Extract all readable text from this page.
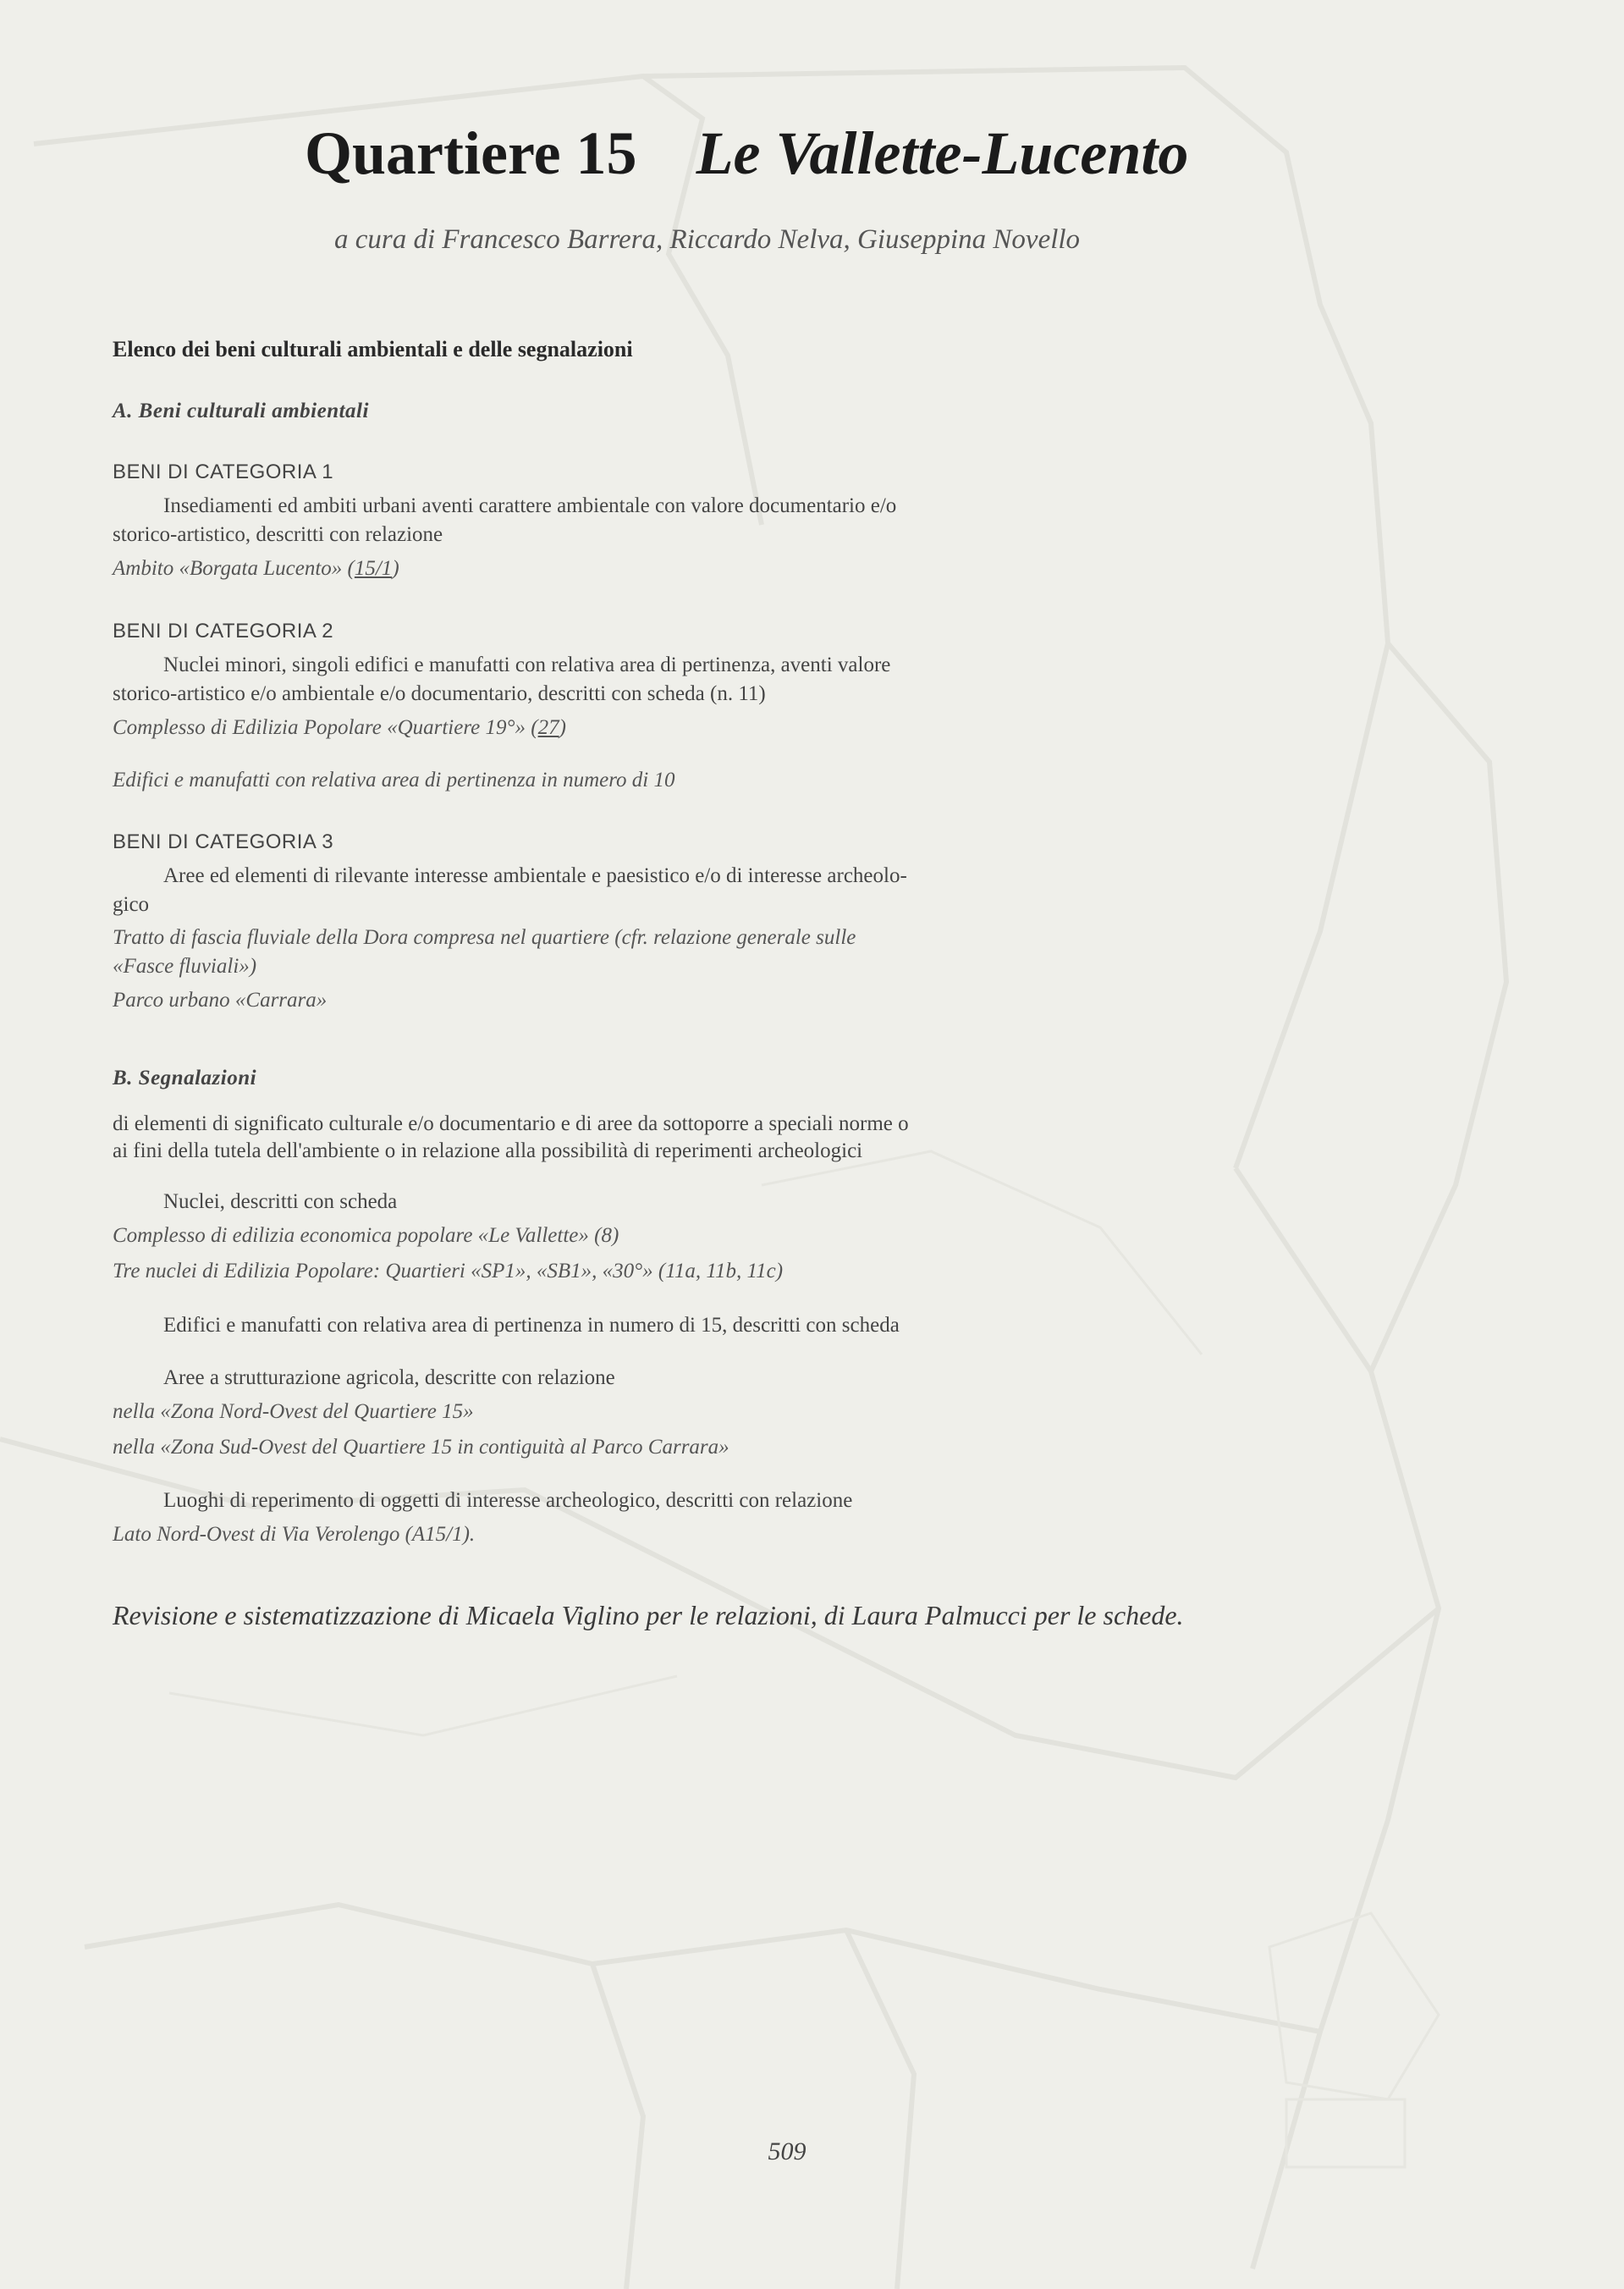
Quartiere 15 Le Vallette-Lucento
a cura di Francesco Barrera, Riccardo Nelva, Giuseppina Novello
Elenco dei beni culturali ambientali e delle segnalazioni
A. Beni culturali ambientali
BENI DI CATEGORIA 1
Insediamenti ed ambiti urbani aventi carattere ambientale con valore documentario e/o
storico-artistico, descritti con relazione
Ambito «Borgata Lucento» (15/1)
BENI DI CATEGORIA 2
Nuclei minori, singoli edifici e manufatti con relativa area di pertinenza, aventi valore
storico-artistico e/o ambientale e/o documentario, descritti con scheda (n. 11)
Complesso di Edilizia Popolare «Quartiere 19°» (27)
Edifici e manufatti con relativa area di pertinenza in numero di 10
BENI DI CATEGORIA 3
Aree ed elementi di rilevante interesse ambientale e paesistico e/o di interesse archeolo-
gico
Tratto di fascia fluviale della Dora compresa nel quartiere (cfr. relazione generale sulle
«Fasce fluviali»)
Parco urbano «Carrara»
B. Segnalazioni
di elementi di significato culturale e/o documentario e di aree da sottoporre a speciali norme o
ai fini della tutela dell'ambiente o in relazione alla possibilità di reperimenti archeologici
Nuclei, descritti con scheda
Complesso di edilizia economica popolare «Le Vallette» (8)
Tre nuclei di Edilizia Popolare: Quartieri «SP1», «SB1», «30°» (11a, 11b, 11c)
Edifici e manufatti con relativa area di pertinenza in numero di 15, descritti con scheda
Aree a strutturazione agricola, descritte con relazione
nella «Zona Nord-Ovest del Quartiere 15»
nella «Zona Sud-Ovest del Quartiere 15 in contiguità al Parco Carrara»
Luoghi di reperimento di oggetti di interesse archeologico, descritti con relazione
Lato Nord-Ovest di Via Verolengo (A15/1).
Revisione e sistematizzazione di Micaela Viglino per le relazioni, di Laura Palmucci per le schede.
509
